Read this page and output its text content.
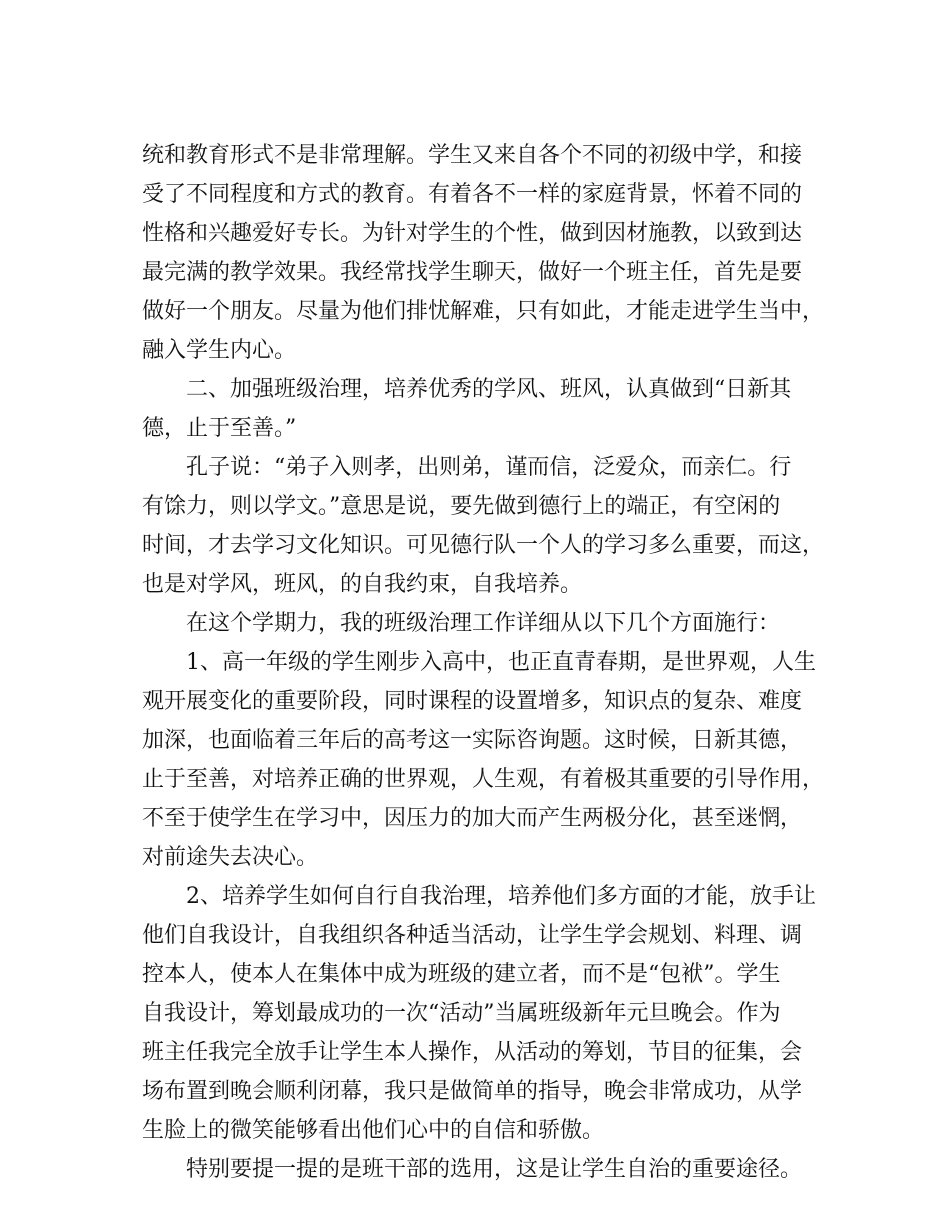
统和教育形式不是非常理解。学生又来自各个不同的初级中学，和接
受了不同程度和方式的教育。有着各不一样的家庭背景，怀着不同的
性格和兴趣爱好专长。为针对学生的个性，做到因材施教，以致到达
最完满的教学效果。我经常找学生聊天，做好一个班主任，首先是要
做好一个朋友。尽量为他们排忧解难，只有如此，才能走进学生当中，
融入学生内心。
二、加强班级治理，培养优秀的学风、班风，认真做到“日新其
德，止于至善。”
孔子说：“弟子入则孝，出则弟，谨而信，泛爱众，而亲仁。行
有馀力，则以学文。”意思是说，要先做到德行上的端正，有空闲的
时间，才去学习文化知识。可见德行队一个人的学习多么重要，而这，
也是对学风，班风，的自我约束，自我培养。
在这个学期力，我的班级治理工作详细从以下几个方面施行：
1、高一年级的学生刚步入高中，也正直青春期，是世界观，人生
观开展变化的重要阶段，同时课程的设置增多，知识点的复杂、难度
加深，也面临着三年后的高考这一实际咨询题。这时候，日新其德，
止于至善，对培养正确的世界观，人生观，有着极其重要的引导作用，
不至于使学生在学习中，因压力的加大而产生两极分化，甚至迷惘，
对前途失去决心。
2、培养学生如何自行自我治理，培养他们多方面的才能，放手让
他们自我设计，自我组织各种适当活动，让学生学会规划、料理、调
控本人，使本人在集体中成为班级的建立者，而不是“包袱”。学生
自我设计，筹划最成功的一次“活动”当属班级新年元旦晚会。作为
班主任我完全放手让学生本人操作，从活动的筹划，节目的征集，会
场布置到晚会顺利闭幕，我只是做简单的指导，晚会非常成功，从学
生脸上的微笑能够看出他们心中的自信和骄傲。
特别要提一提的是班干部的选用，这是让学生自治的重要途径。
